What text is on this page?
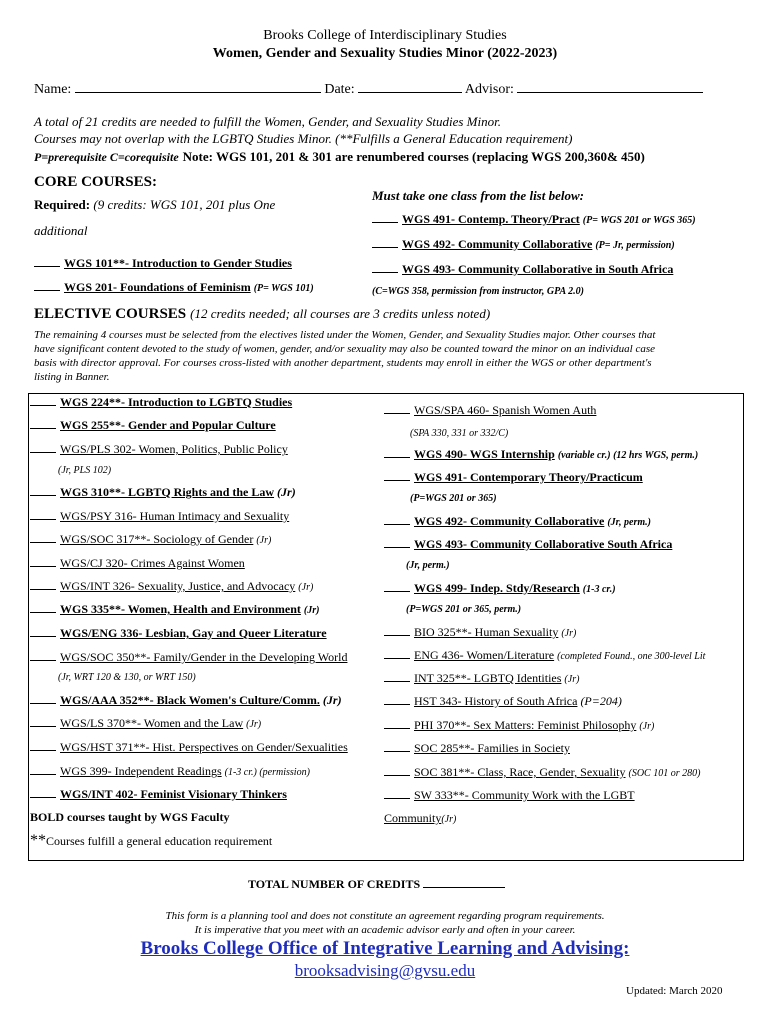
Brooks College of Interdisciplinary Studies
Women, Gender and Sexuality Studies Minor (2022-2023)
Name:	Date:	Advisor:
A total of 21 credits are needed to fulfill the Women, Gender, and Sexuality Studies Minor.
Courses may not overlap with the LGBTQ Studies Minor. (**Fulfills a General Education requirement)
P=prerequisite C=corequisite Note: WGS 101, 201 & 301 are renumbered courses (replacing WGS 200,360& 450)
CORE COURSES:
Required: (9 credits: WGS 101, 201 plus One
additional
WGS 101**- Introduction to Gender Studies
WGS 201- Foundations of Feminism (P= WGS 101)
Must take one class from the list below:
WGS 491- Contemp. Theory/Pract (P= WGS 201 or WGS 365)
WGS 492- Community Collaborative (P= Jr, permission)
WGS 493- Community Collaborative in South Africa
(C=WGS 358, permission from instructor, GPA 2.0)
ELECTIVE COURSES (12 credits needed; all courses are 3 credits unless noted)
The remaining 4 courses must be selected from the electives listed under the Women, Gender, and Sexuality Studies major. Other courses that
have significant content devoted to the study of women, gender, and/or sexuality may also be counted toward the minor on an individual case
basis with director approval. For courses cross-listed with another department, students may enroll in either the WGS or other department's
listing in Banner.
WGS 224**- Introduction to LGBTQ Studies
WGS 255**- Gender and Popular Culture
WGS/PLS 302- Women, Politics, Public Policy
(Jr, PLS 102)
WGS 310**- LGBTQ Rights and the Law (Jr)
WGS/PSY 316- Human Intimacy and Sexuality
WGS/SOC 317**- Sociology of Gender (Jr)
WGS/CJ 320- Crimes Against Women
WGS/INT 326- Sexuality, Justice, and Advocacy (Jr)
WGS 335**- Women, Health and Environment (Jr)
WGS/ENG 336- Lesbian, Gay and Queer Literature
WGS/SOC 350**- Family/Gender in the Developing World
(Jr, WRT 120 & 130, or WRT 150)
WGS/AAA 352**- Black Women's Culture/Comm. (Jr)
WGS/LS 370**- Women and the Law (Jr)
WGS/HST 371**- Hist. Perspectives on Gender/Sexualities
WGS 399- Independent Readings (1-3 cr.) (permission)
WGS/INT 402- Feminist Visionary Thinkers
BOLD courses taught by WGS Faculty
**Courses fulfill a general education requirement
WGS/SPA 460- Spanish Women Auth
(SPA 330, 331 or 332/C)
WGS 490- WGS Internship (variable cr.) (12 hrs WGS, perm.)
WGS 491- Contemporary Theory/Practicum
(P=WGS 201 or 365)
WGS 492- Community Collaborative (Jr, perm.)
WGS 493- Community Collaborative South Africa
(Jr, perm.)
WGS 499- Indep. Stdy/Research (1-3 cr.)
(P=WGS 201 or 365, perm.)
BIO 325**- Human Sexuality (Jr)
ENG 436- Women/Literature (completed Found., one 300-level Lit
INT 325**- LGBTQ Identities (Jr)
HST 343- History of South Africa (P=204)
PHI 370**- Sex Matters: Feminist Philosophy (Jr)
SOC 285**- Families in Society
SOC 381**- Class, Race, Gender, Sexuality (SOC 101 or 280)
SW 333**- Community Work with the LGBT
Community(Jr)
TOTAL NUMBER OF CREDITS
This form is a planning tool and does not constitute an agreement regarding program requirements.
It is imperative that you meet with an academic advisor early and often in your career.
Brooks College Office of Integrative Learning and Advising:
brooksadvising@gvsu.edu
Updated: March 2020
